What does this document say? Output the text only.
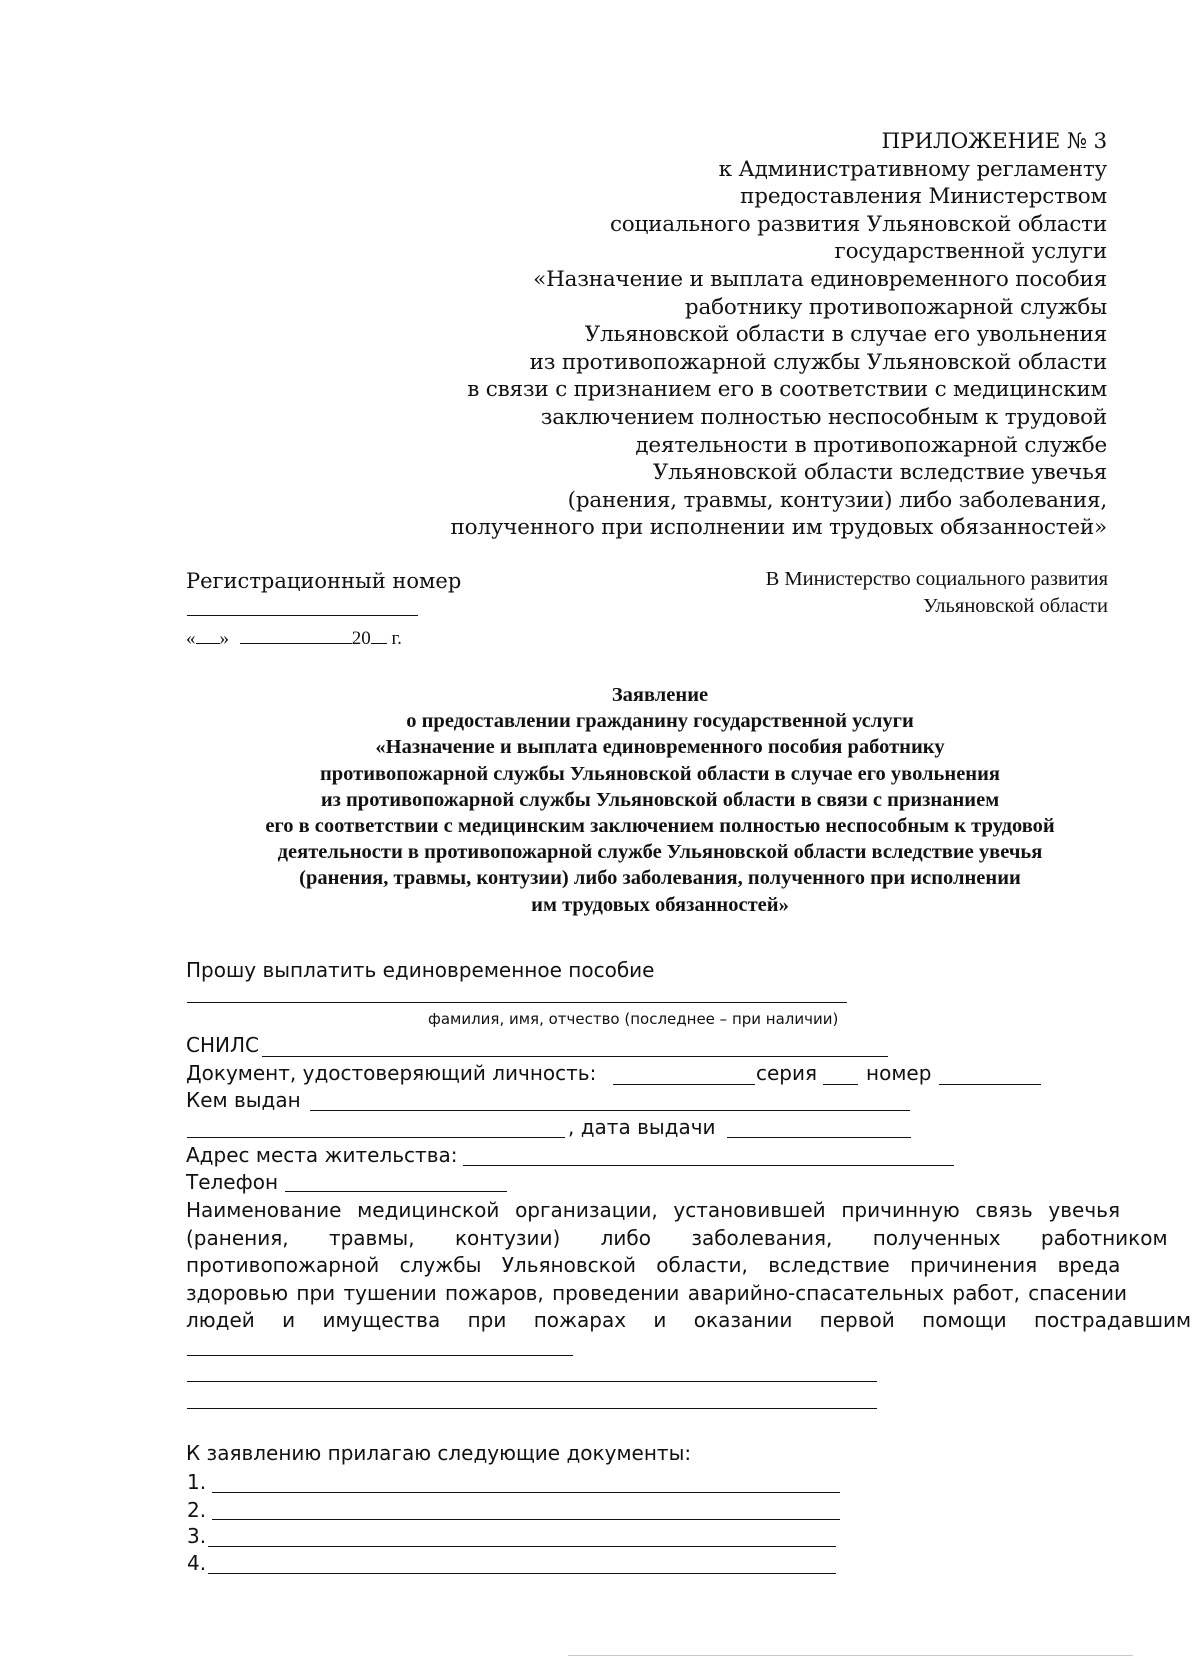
ПРИЛОЖЕНИЕ № 3
к Административному регламенту
предоставления Министерством
социального развития Ульяновской области
государственной услуги
«Назначение и выплата единовременного пособия
работнику противопожарной службы
Ульяновской области в случае его увольнения
из противопожарной службы Ульяновской области
в связи с признанием его в соответствии с медицинским
заключением полностью неспособным к трудовой
деятельности в противопожарной службе
Ульяновской области вследствие увечья
(ранения, травмы, контузии) либо заболевания,
полученного при исполнении им трудовых обязанностей»
Регистрационный номер
« »	20 г.
В Министерство социального развития
Ульяновской области
Заявление
о предоставлении гражданину государственной услуги
«Назначение и выплата единовременного пособия работнику
противопожарной службы Ульяновской области в случае его увольнения
из противопожарной службы Ульяновской области в связи с признанием
его в соответствии с медицинским заключением полностью неспособным к трудовой
деятельности в противопожарной службе Ульяновской области вследствие увечья
(ранения, травмы, контузии) либо заболевания, полученного при исполнении
им трудовых обязанностей»
Прошу выплатить единовременное пособие
фамилия, имя, отчество (последнее – при наличии)
СНИЛС
Документ, удостоверяющий личность:	серия номер
Кем выдан
, дата выдачи
Адрес места жительства:
Телефон
Наименование медицинской организации, установившей причинную связь увечья
(ранения, травмы, контузии) либо заболевания, полученных работником
противопожарной службы Ульяновской области, вследствие причинения вреда
здоровью при тушении пожаров, проведении аварийно-спасательных работ, спасении
людей и имущества при пожарах и оказании первой помощи пострадавшим
К заявлению прилагаю следующие документы:
1.
2.
3.
4.
